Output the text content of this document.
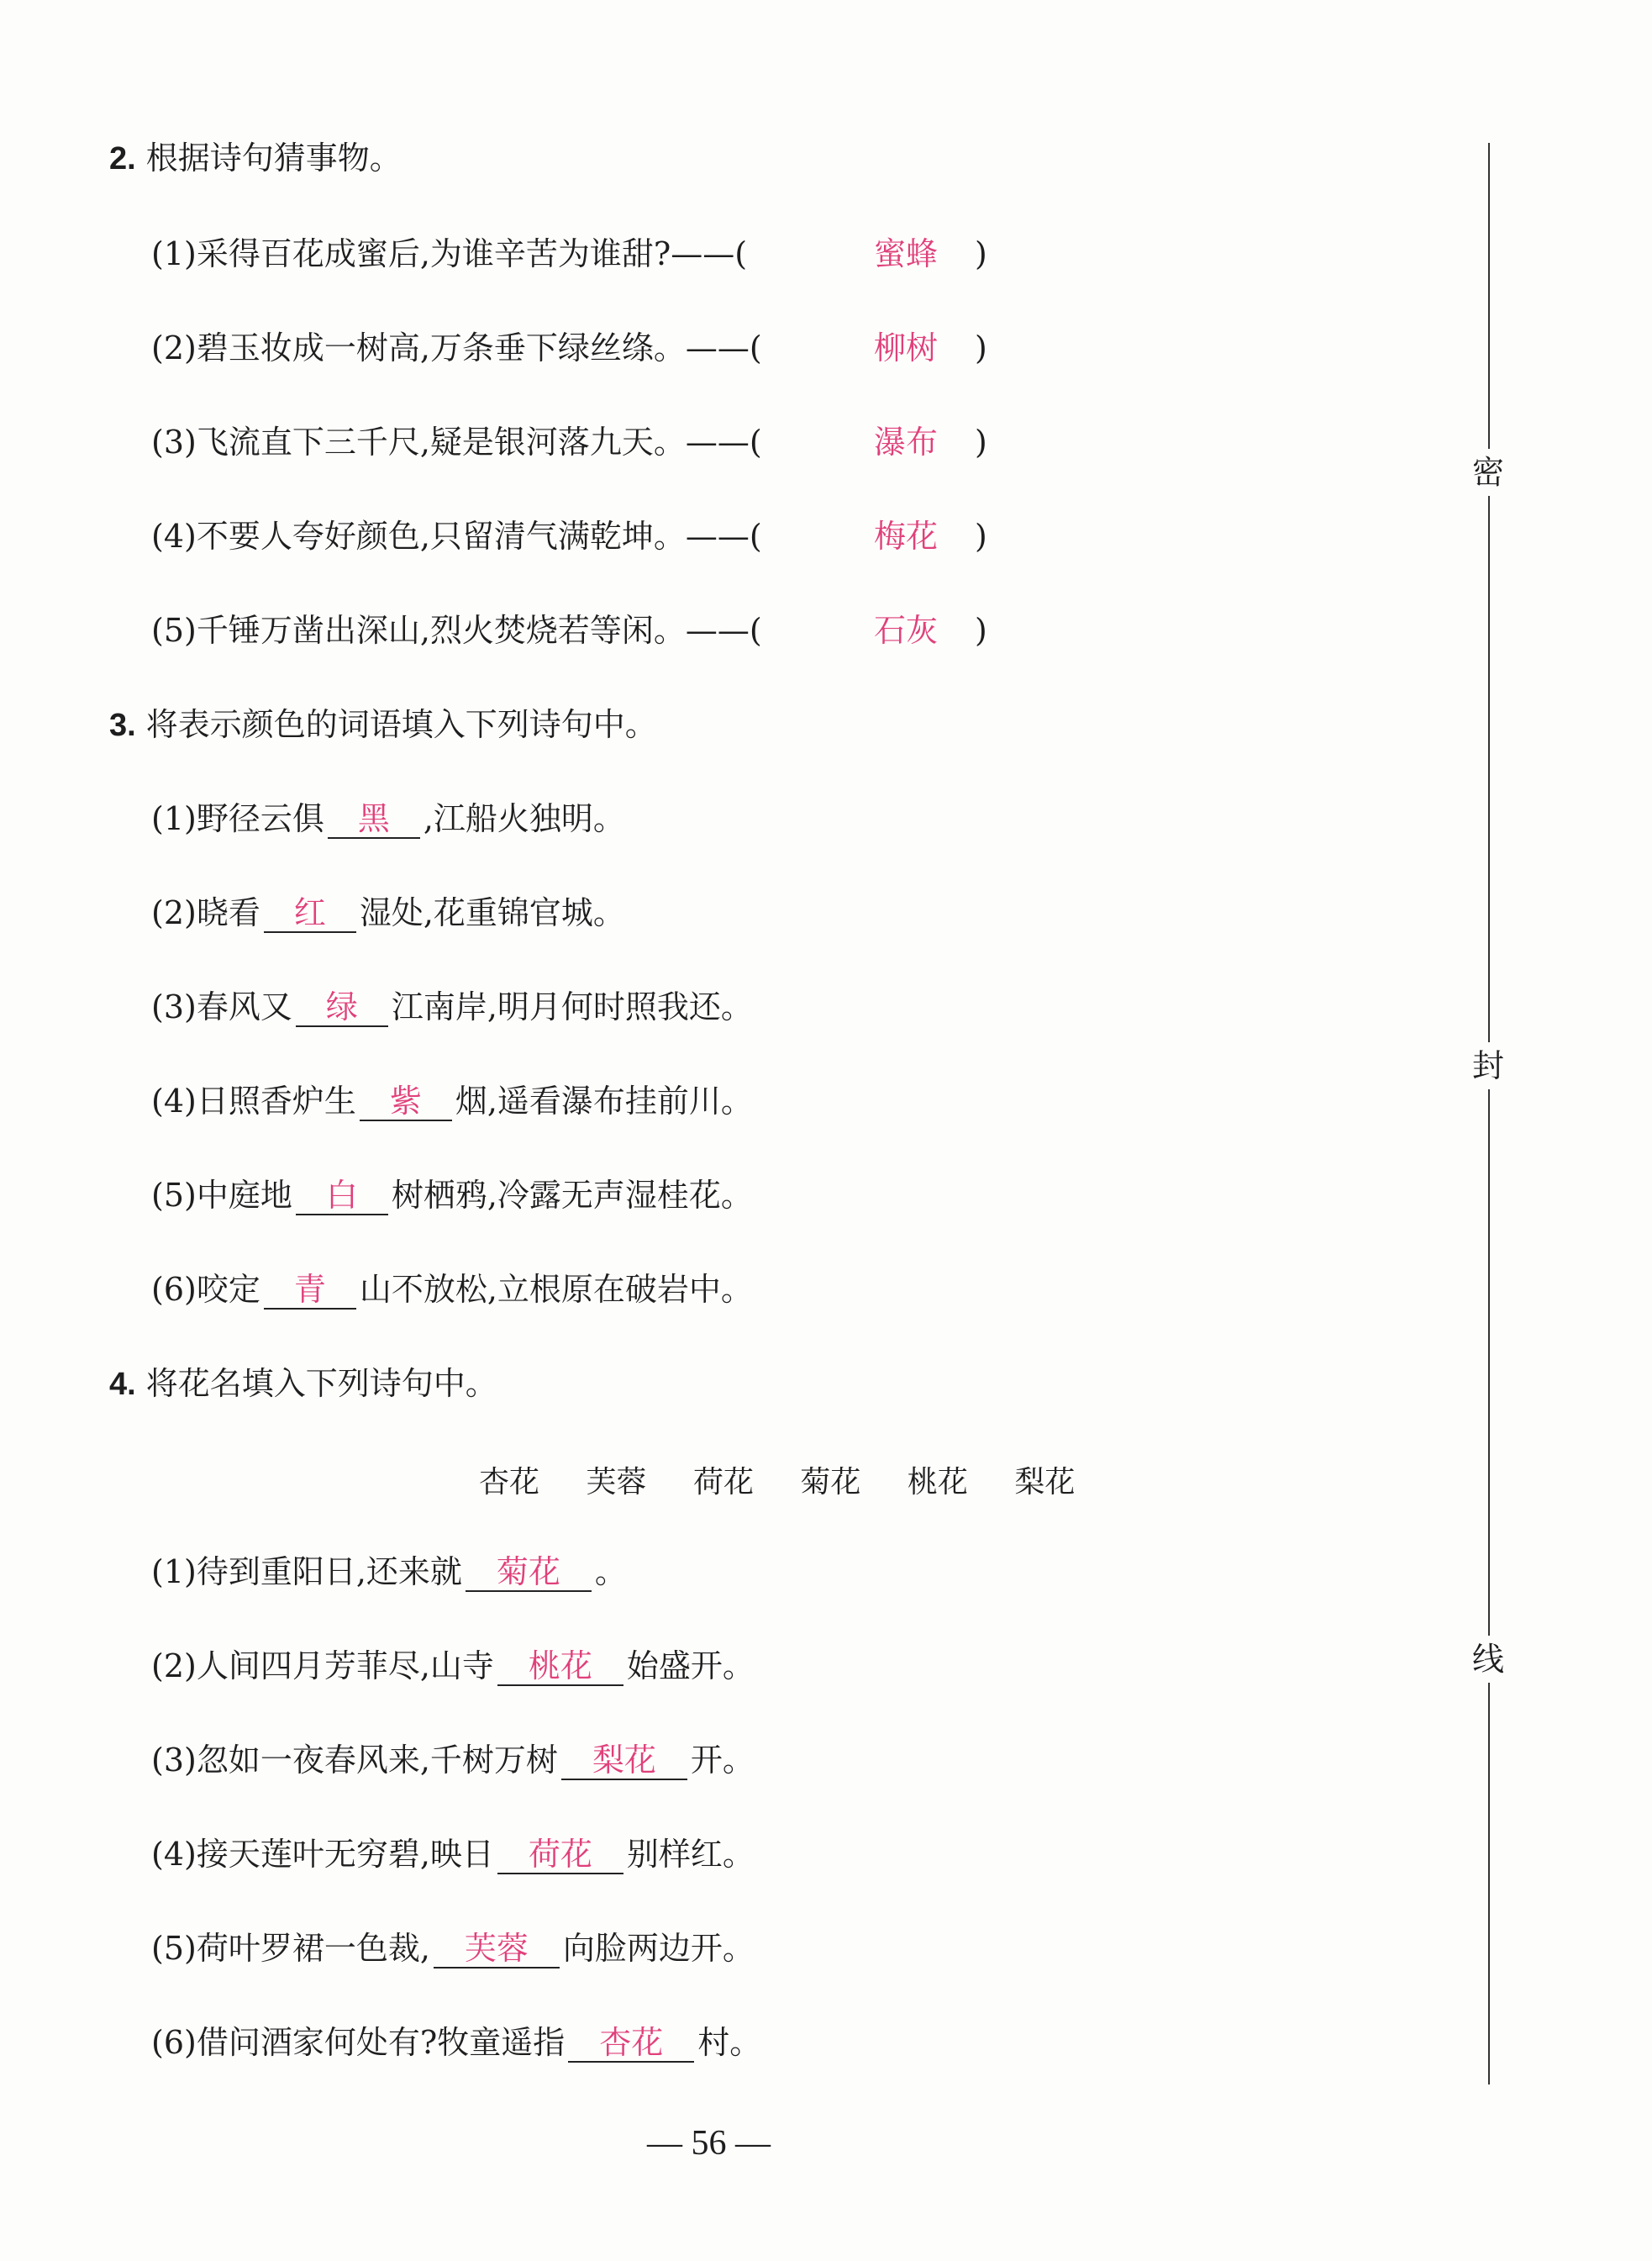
2. 根据诗句猜事物。
(1)采得百花成蜜后,为谁辛苦为谁甜?——(	蜜蜂 )
(2)碧玉妆成一树高,万条垂下绿丝绦。——(	柳树 )
(3)飞流直下三千尺,疑是银河落九天。——(	瀑布 )
(4)不要人夸好颜色,只留清气满乾坤。——(	梅花 )
(5)千锤万凿出深山,烈火焚烧若等闲。——(	石灰 )
3. 将表示颜色的词语填入下列诗句中。
(1)野径云俱 黑 ,江船火独明。
(2)晓看 红 湿处,花重锦官城。
(3)春风又 绿 江南岸,明月何时照我还。
(4)日照香炉生 紫 烟,遥看瀑布挂前川。
(5)中庭地 白 树栖鸦,冷露无声湿桂花。
(6)咬定 青 山不放松,立根原在破岩中。
4. 将花名填入下列诗句中。
杏花 芙蓉 荷花 菊花 桃花 梨花
(1)待到重阳日,还来就 菊花 。
(2)人间四月芳菲尽,山寺 桃花 始盛开。
(3)忽如一夜春风来,千树万树 梨花 开。
(4)接天莲叶无穷碧,映日 荷花 别样红。
(5)荷叶罗裙一色裁, 芙蓉 向脸两边开。
(6)借问酒家何处有?牧童遥指 杏花 村。
密
封
线
— 56 —
